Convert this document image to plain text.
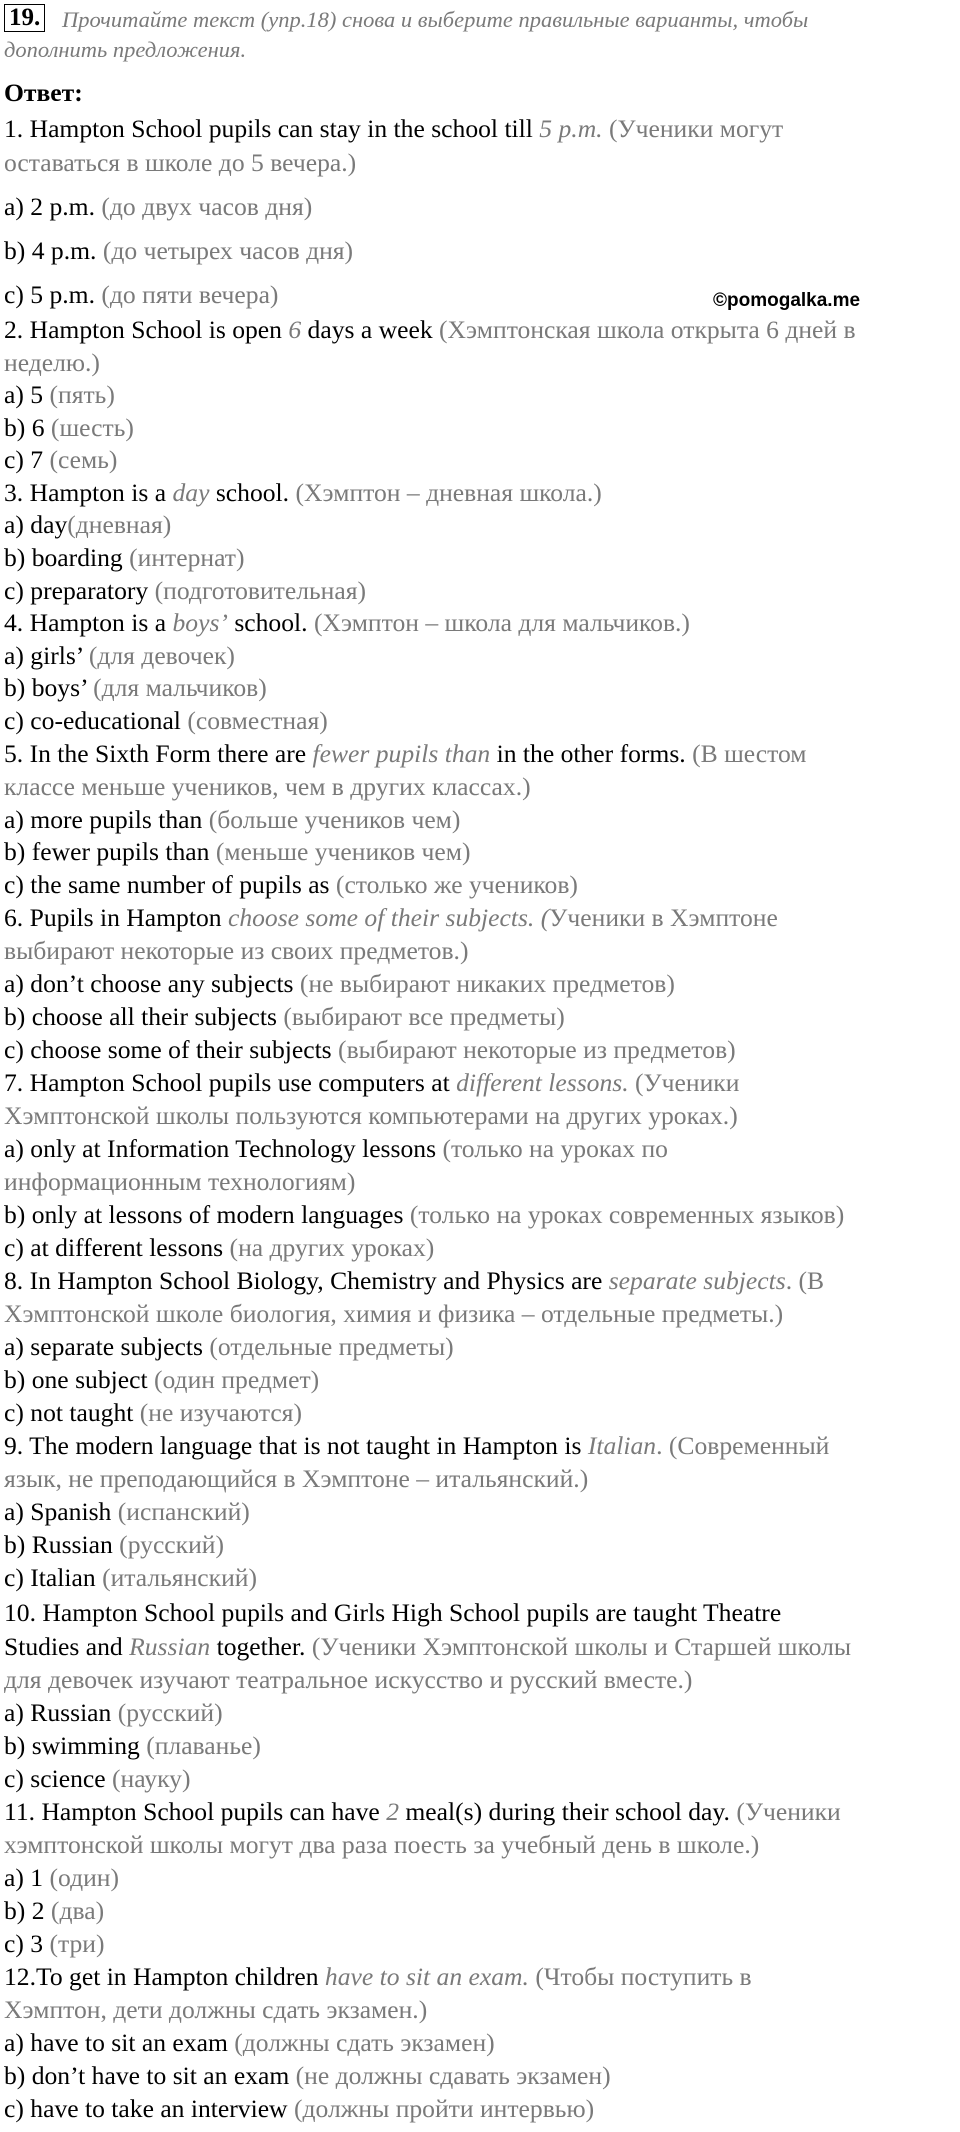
19. Прочитайте текст (упр.18) снова и выберите правильные варианты, чтобы
дополнить предложения.
Ответ:
©pomogalka.me
1. Hampton School pupils can stay in the school till 5 p.m. (Ученики могут
оставаться в школе до 5 вечера.)
a) 2 p.m. (до двух часов дня)
b) 4 p.m. (до четырех часов дня)
c) 5 p.m. (до пяти вечера)
2. Hampton School is open 6 days a week (Хэмптонская школа открыта 6 дней в
неделю.)
a) 5 (пять)
b) 6 (шесть)
c) 7 (семь)
3. Hampton is a day school. (Хэмптон – дневная школа.)
a) day(дневная)
b) boarding (интернат)
c) preparatory (подготовительная)
4. Hampton is a boys’ school. (Хэмптон – школа для мальчиков.)
a) girls’ (для девочек)
b) boys’ (для мальчиков)
c) co-educational (совместная)
5. In the Sixth Form there are fewer pupils than in the other forms. (В шестом
классе меньше учеников, чем в других классах.)
a) more pupils than (больше учеников чем)
b) fewer pupils than (меньше учеников чем)
c) the same number of pupils as (столько же учеников)
6. Pupils in Hampton choose some of their subjects. (Ученики в Хэмптоне
выбирают некоторые из своих предметов.)
a) don’t choose any subjects (не выбирают никаких предметов)
b) choose all their subjects (выбирают все предметы)
c) choose some of their subjects (выбирают некоторые из предметов)
7. Hampton School pupils use computers at different lessons. (Ученики
Хэмптонской школы пользуются компьютерами на других уроках.)
a) only at Information Technology lessons (только на уроках по
информационным технологиям)
b) only at lessons of modern languages (только на уроках современных языков)
c) at different lessons (на других уроках)
8. In Hampton School Biology, Chemistry and Physics are separate subjects. (В
Хэмптонской школе биология, химия и физика – отдельные предметы.)
a) separate subjects (отдельные предметы)
b) one subject (один предмет)
c) not taught (не изучаются)
9. The modern language that is not taught in Hampton is Italian. (Современный
язык, не преподающийся в Хэмптоне – итальянский.)
a) Spanish (испанский)
b) Russian (русский)
c) Italian (итальянский)
10. Hampton School pupils and Girls High School pupils are taught Theatre
Studies and Russian together. (Ученики Хэмптонской школы и Старшей школы
для девочек изучают театральное искусство и русский вместе.)
a) Russian (русский)
b) swimming (плаванье)
c) science (науку)
11. Hampton School pupils can have 2 meal(s) during their school day. (Ученики
хэмптонской школы могут два раза поесть за учебный день в школе.)
a) 1 (один)
b) 2 (два)
c) 3 (три)
12.To get in Hampton children have to sit an exam. (Чтобы поступить в
Хэмптон, дети должны сдать экзамен.)
a) have to sit an exam (должны сдать экзамен)
b) don’t have to sit an exam (не должны сдавать экзамен)
c) have to take an interview (должны пройти интервью)
